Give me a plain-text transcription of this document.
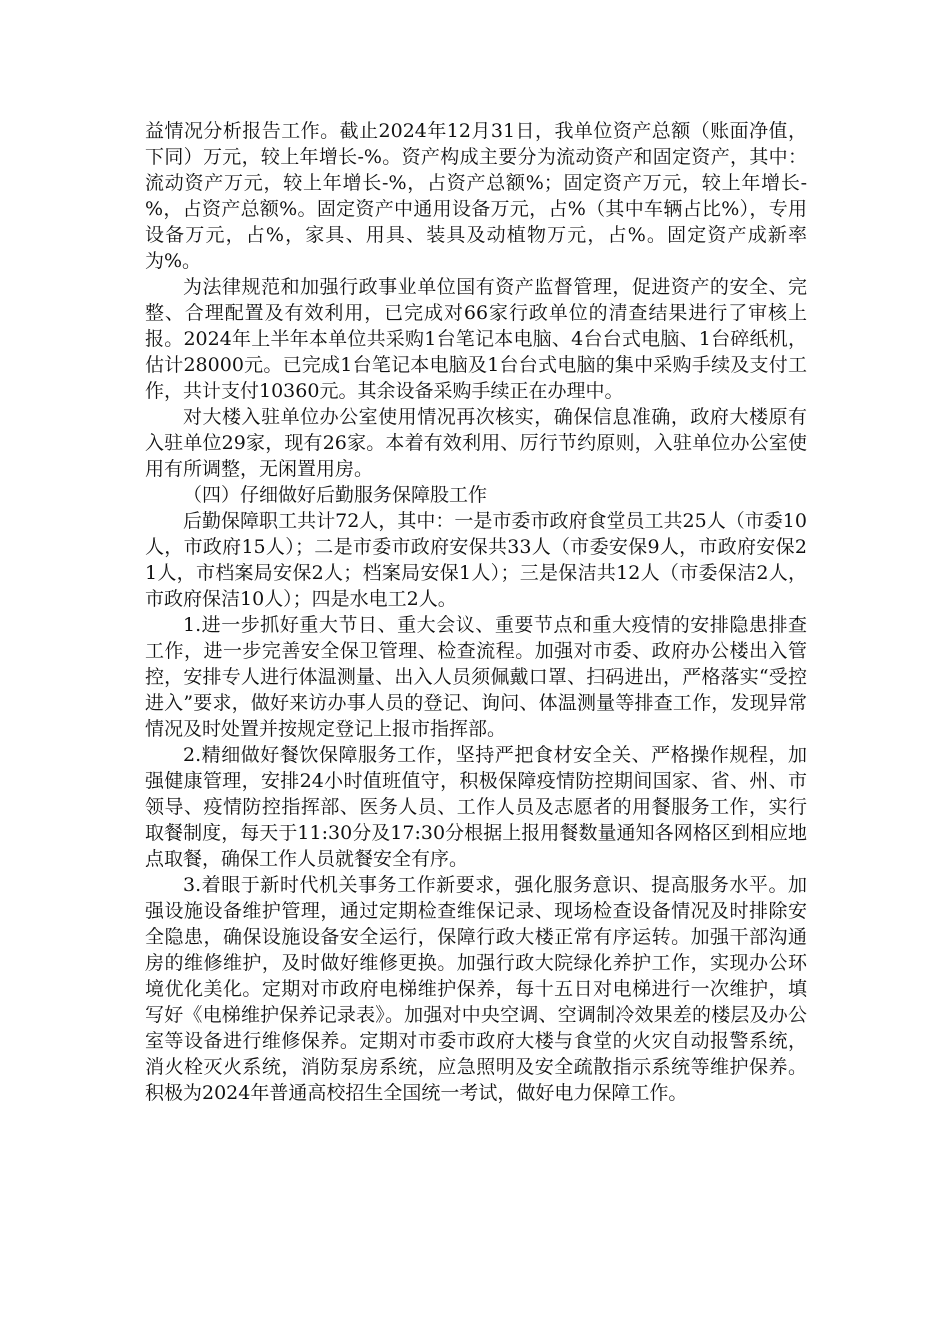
益情况分析报告工作。截止2024年12月31日，我单位资产总额（账面净值，下同）万元，较上年增长-%。资产构成主要分为流动资产和固定资产，其中：流动资产万元，较上年增长-%，占资产总额%；固定资产万元，较上年增长-%，占资产总额%。固定资产中通用设备万元，占%（其中车辆占比%），专用设备万元，占%，家具、用具、装具及动植物万元，占%。固定资产成新率为%。

为法律规范和加强行政事业单位国有资产监督管理，促进资产的安全、完整、合理配置及有效利用，已完成对66家行政单位的清查结果进行了审核上报。2024年上半年本单位共采购1台笔记本电脑、4台台式电脑、1台碎纸机，估计28000元。已完成1台笔记本电脑及1台台式电脑的集中采购手续及支付工作，共计支付10360元。其余设备采购手续正在办理中。

对大楼入驻单位办公室使用情况再次核实，确保信息准确，政府大楼原有入驻单位29家，现有26家。本着有效利用、厉行节约原则，入驻单位办公室使用有所调整，无闲置用房。

（四）仔细做好后勤服务保障股工作

后勤保障职工共计72人，其中：一是市委市政府食堂员工共25人（市委10人，市政府15人）；二是市委市政府安保共33人（市委安保9人，市政府安保21人，市档案局安保2人；档案局安保1人）；三是保洁共12人（市委保洁2人，市政府保洁10人）；四是水电工2人。

1.进一步抓好重大节日、重大会议、重要节点和重大疫情的安排隐患排查工作，进一步完善安全保卫管理、检查流程。加强对市委、政府办公楼出入管控，安排专人进行体温测量、出入人员须佩戴口罩、扫码进出，严格落实“受控进入”要求，做好来访办事人员的登记、询问、体温测量等排查工作，发现异常情况及时处置并按规定登记上报市指挥部。

2.精细做好餐饮保障服务工作，坚持严把食材安全关、严格操作规程，加强健康管理，安排24小时值班值守，积极保障疫情防控期间国家、省、州、市领导、疫情防控指挥部、医务人员、工作人员及志愿者的用餐服务工作，实行取餐制度，每天于11:30分及17:30分根据上报用餐数量通知各网格区到相应地点取餐，确保工作人员就餐安全有序。

3.着眼于新时代机关事务工作新要求，强化服务意识、提高服务水平。加强设施设备维护管理，通过定期检查维保记录、现场检查设备情况及时排除安全隐患，确保设施设备安全运行，保障行政大楼正常有序运转。加强干部沟通房的维修维护，及时做好维修更换。加强行政大院绿化养护工作，实现办公环境优化美化。定期对市政府电梯维护保养，每十五日对电梯进行一次维护，填写好《电梯维护保养记录表》。加强对中央空调、空调制冷效果差的楼层及办公室等设备进行维修保养。定期对市委市政府大楼与食堂的火灾自动报警系统，消火栓灭火系统，消防泵房系统，应急照明及安全疏散指示系统等维护保养。积极为2024年普通高校招生全国统一考试，做好电力保障工作。
